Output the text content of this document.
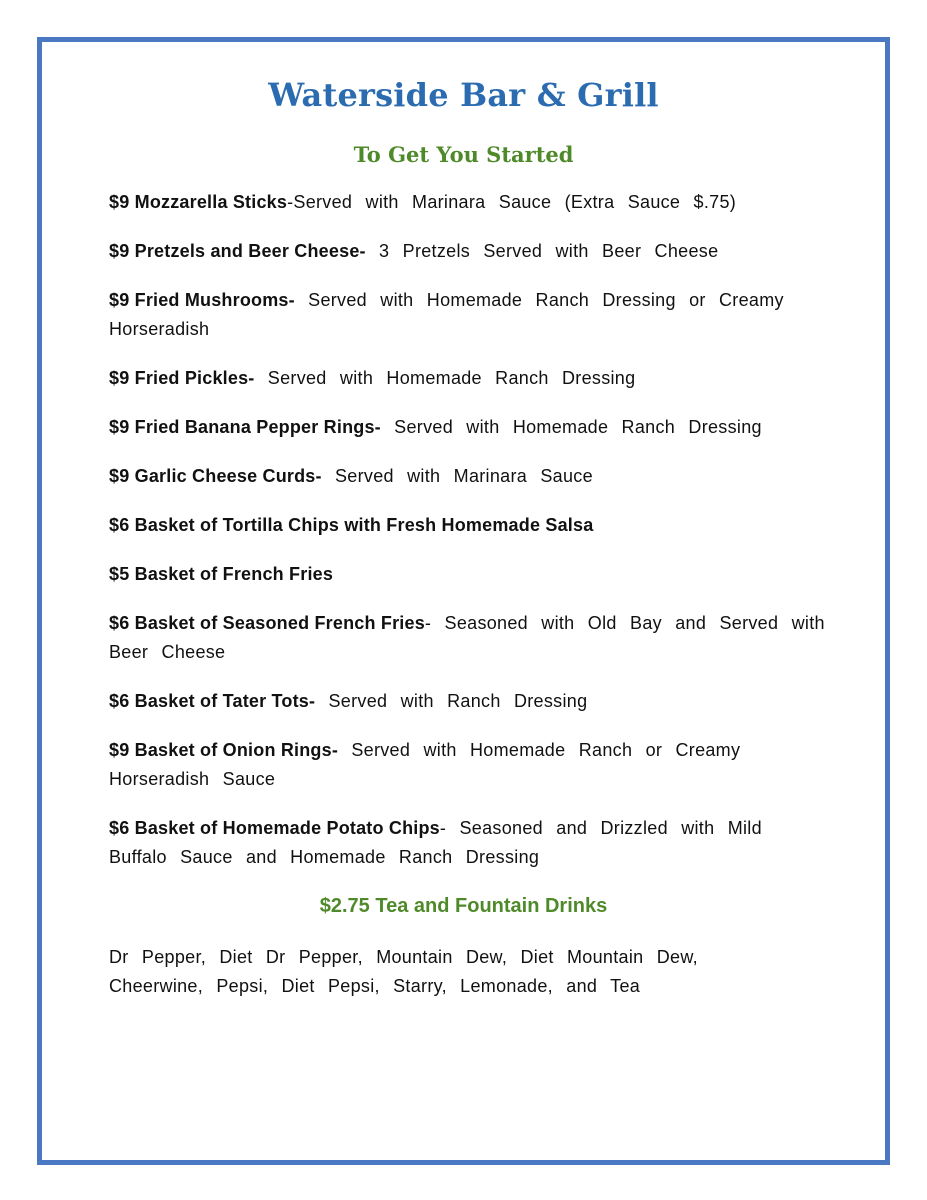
Waterside Bar & Grill
To Get You Started
$9 Mozzarella Sticks-Served with Marinara Sauce (Extra Sauce $.75)
$9 Pretzels and Beer Cheese- 3 Pretzels Served with Beer Cheese
$9 Fried Mushrooms- Served with Homemade Ranch Dressing or Creamy Horseradish
$9 Fried Pickles- Served with Homemade Ranch Dressing
$9 Fried Banana Pepper Rings- Served with Homemade Ranch Dressing
$9 Garlic Cheese Curds- Served with Marinara Sauce
$6 Basket of Tortilla Chips with Fresh Homemade Salsa
$5 Basket of French Fries
$6 Basket of Seasoned French Fries- Seasoned with Old Bay and Served with Beer Cheese
$6 Basket of Tater Tots- Served with Ranch Dressing
$9 Basket of Onion Rings- Served with Homemade Ranch or Creamy Horseradish Sauce
$6 Basket of Homemade Potato Chips- Seasoned and Drizzled with Mild Buffalo Sauce and Homemade Ranch Dressing
$2.75 Tea and Fountain Drinks
Dr Pepper, Diet Dr Pepper, Mountain Dew, Diet Mountain Dew, Cheerwine, Pepsi, Diet Pepsi, Starry, Lemonade, and Tea
